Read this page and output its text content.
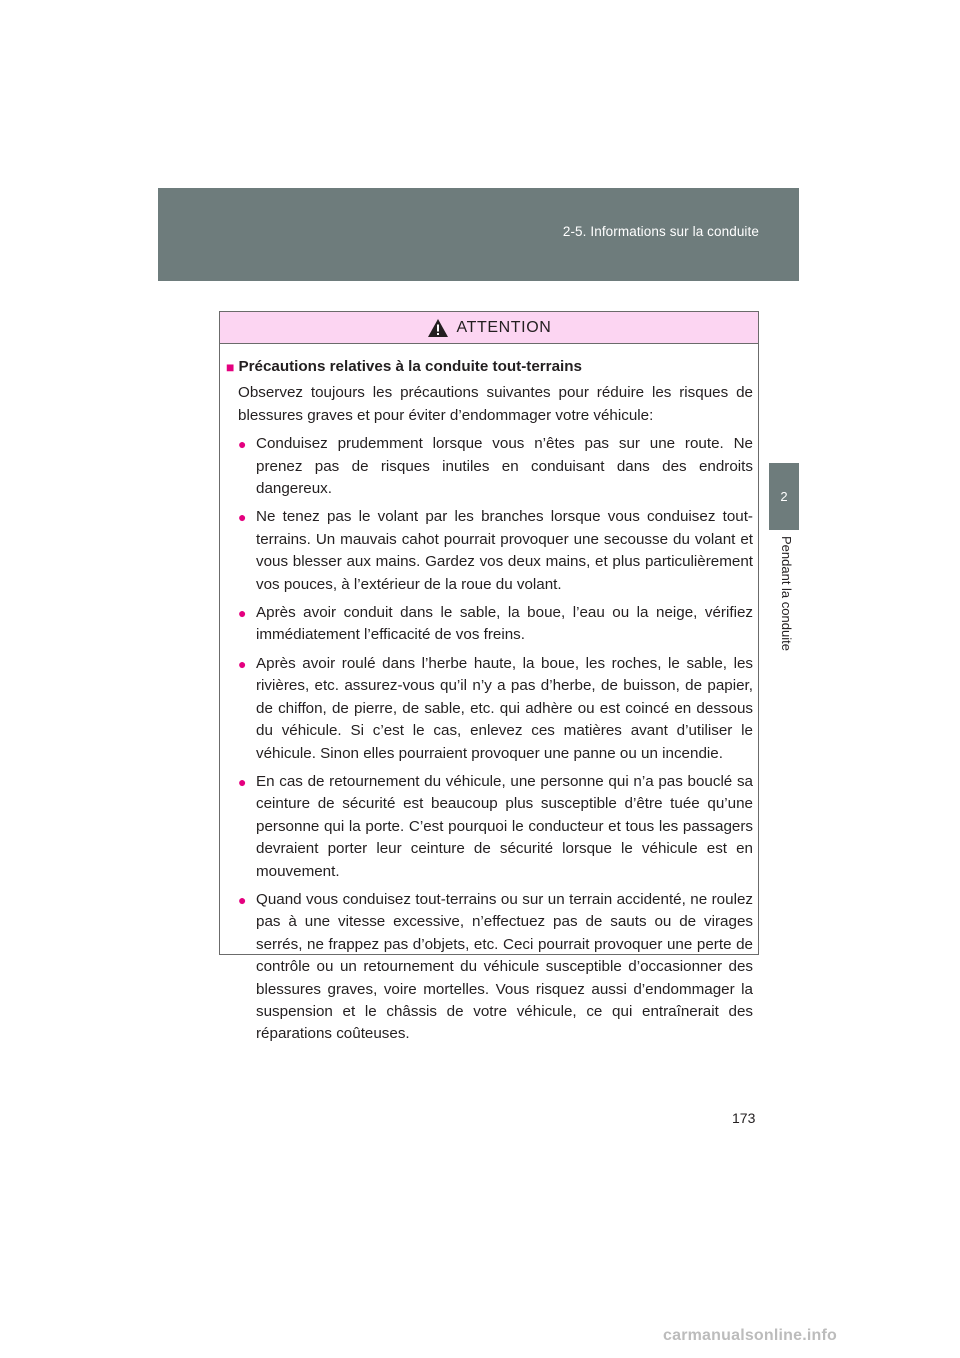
2-5. Informations sur la conduite
2
Pendant la conduite
ATTENTION
■ Précautions relatives à la conduite tout-terrains

Observez toujours les précautions suivantes pour réduire les risques de blessures graves et pour éviter d’endommager votre véhicule:

● Conduisez prudemment lorsque vous n’êtes pas sur une route. Ne prenez pas de risques inutiles en conduisant dans des endroits dangereux.
● Ne tenez pas le volant par les branches lorsque vous conduisez tout-terrains. Un mauvais cahot pourrait provoquer une secousse du volant et vous blesser aux mains. Gardez vos deux mains, et plus particulièrement vos pouces, à l’extérieur de la roue du volant.
● Après avoir conduit dans le sable, la boue, l’eau ou la neige, vérifiez immédiatement l’efficacité de vos freins.
● Après avoir roulé dans l’herbe haute, la boue, les roches, le sable, les rivières, etc. assurez-vous qu’il n’y a pas d’herbe, de buisson, de papier, de chiffon, de pierre, de sable, etc. qui adhère ou est coincé en dessous du véhicule. Si c’est le cas, enlevez ces matières avant d’utiliser le véhicule. Sinon elles pourraient provoquer une panne ou un incendie.
● En cas de retournement du véhicule, une personne qui n’a pas bouclé sa ceinture de sécurité est beaucoup plus susceptible d’être tuée qu’une personne qui la porte. C’est pourquoi le conducteur et tous les passagers devraient porter leur ceinture de sécurité lorsque le véhicule est en mouvement.
● Quand vous conduisez tout-terrains ou sur un terrain accidenté, ne roulez pas à une vitesse excessive, n’effectuez pas de sauts ou de virages serrés, ne frappez pas d’objets, etc. Ceci pourrait provoquer une perte de contrôle ou un retournement du véhicule susceptible d’occasionner des blessures graves, voire mortelles. Vous risquez aussi d’endommager la suspension et le châssis de votre véhicule, ce qui entraînerait des réparations coûteuses.
173
carmanualsonline.info
